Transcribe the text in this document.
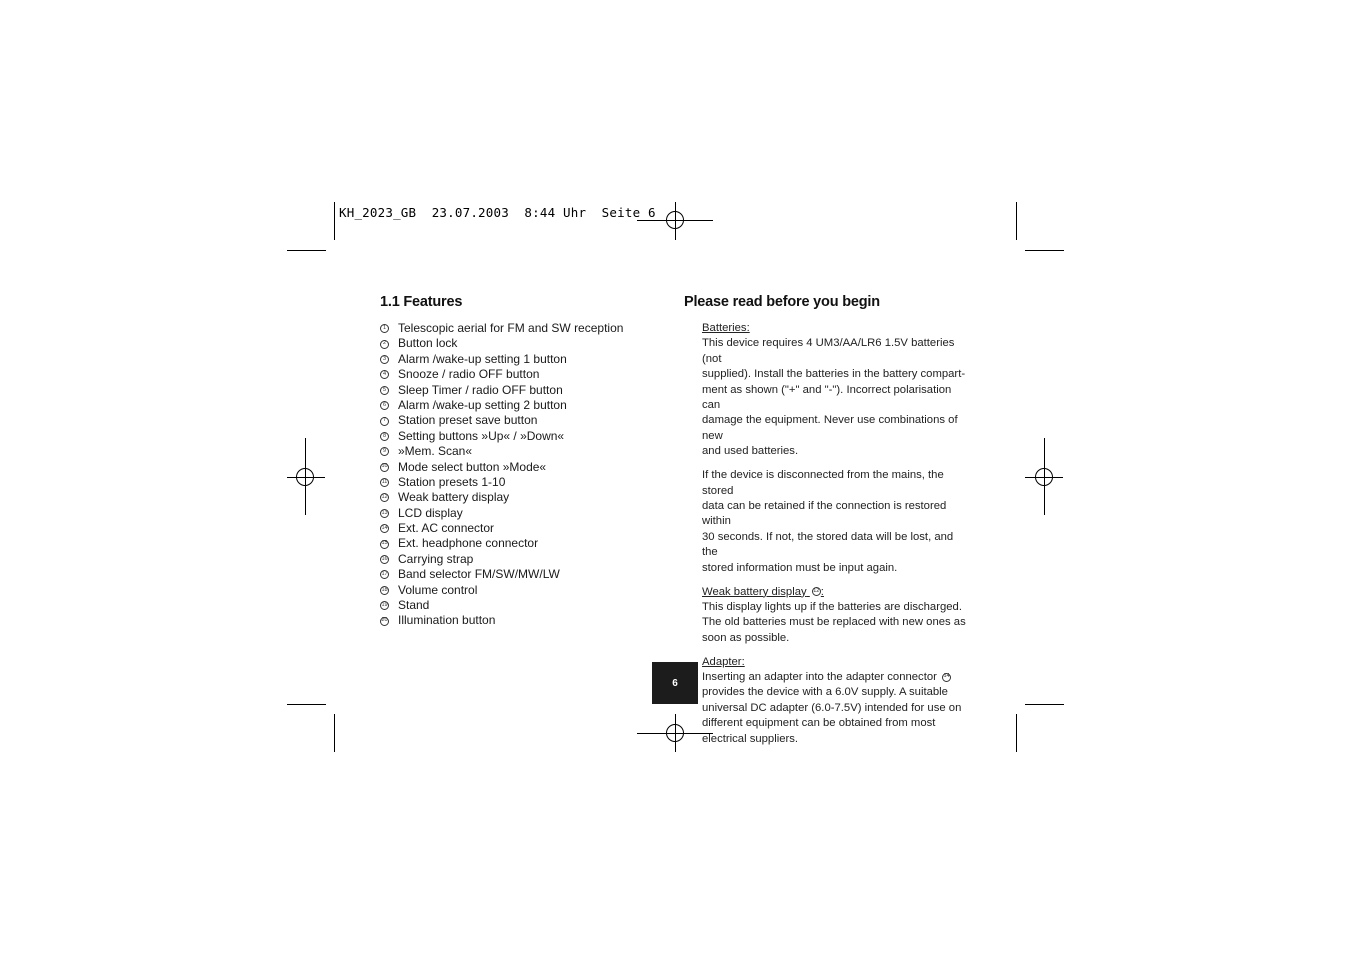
KH_2023_GB  23.07.2003  8:44 Uhr  Seite 6
1.1 Features
1 Telescopic aerial for FM and SW reception
2 Button lock
3 Alarm /wake-up setting 1 button
4 Snooze / radio OFF button
5 Sleep Timer / radio OFF button
6 Alarm /wake-up setting 2 button
7 Station preset save button
8 Setting buttons »Up« / »Down«
9 »Mem. Scan«
10 Mode select button »Mode«
11 Station presets 1-10
12 Weak battery display
13 LCD display
14 Ext. AC connector
15 Ext. headphone connector
16 Carrying strap
17 Band selector FM/SW/MW/LW
18 Volume control
19 Stand
20 Illumination button
Please read before you begin

Batteries:

This device requires 4 UM3/AA/LR6 1.5V batteries (not

supplied). Install the batteries in the battery compart-

ment as shown ("+" and "-"). Incorrect polarisation can

damage the equipment. Never use combinations of new

and used batteries.

If the device is disconnected from the mains, the stored

data can be retained if the connection is restored within

30 seconds. If not, the stored data will be lost, and the

stored information must be input again.

Weak battery display 12:

This display lights up if the batteries are discharged.

The old batteries must be replaced with new ones as

soon as possible.

Adapter:

Inserting an adapter into the adapter connector 14

provides the device with a 6.0V supply. A suitable

universal DC adapter (6.0-7.5V) intended for use on

different equipment can be obtained from most

electrical suppliers.

6
